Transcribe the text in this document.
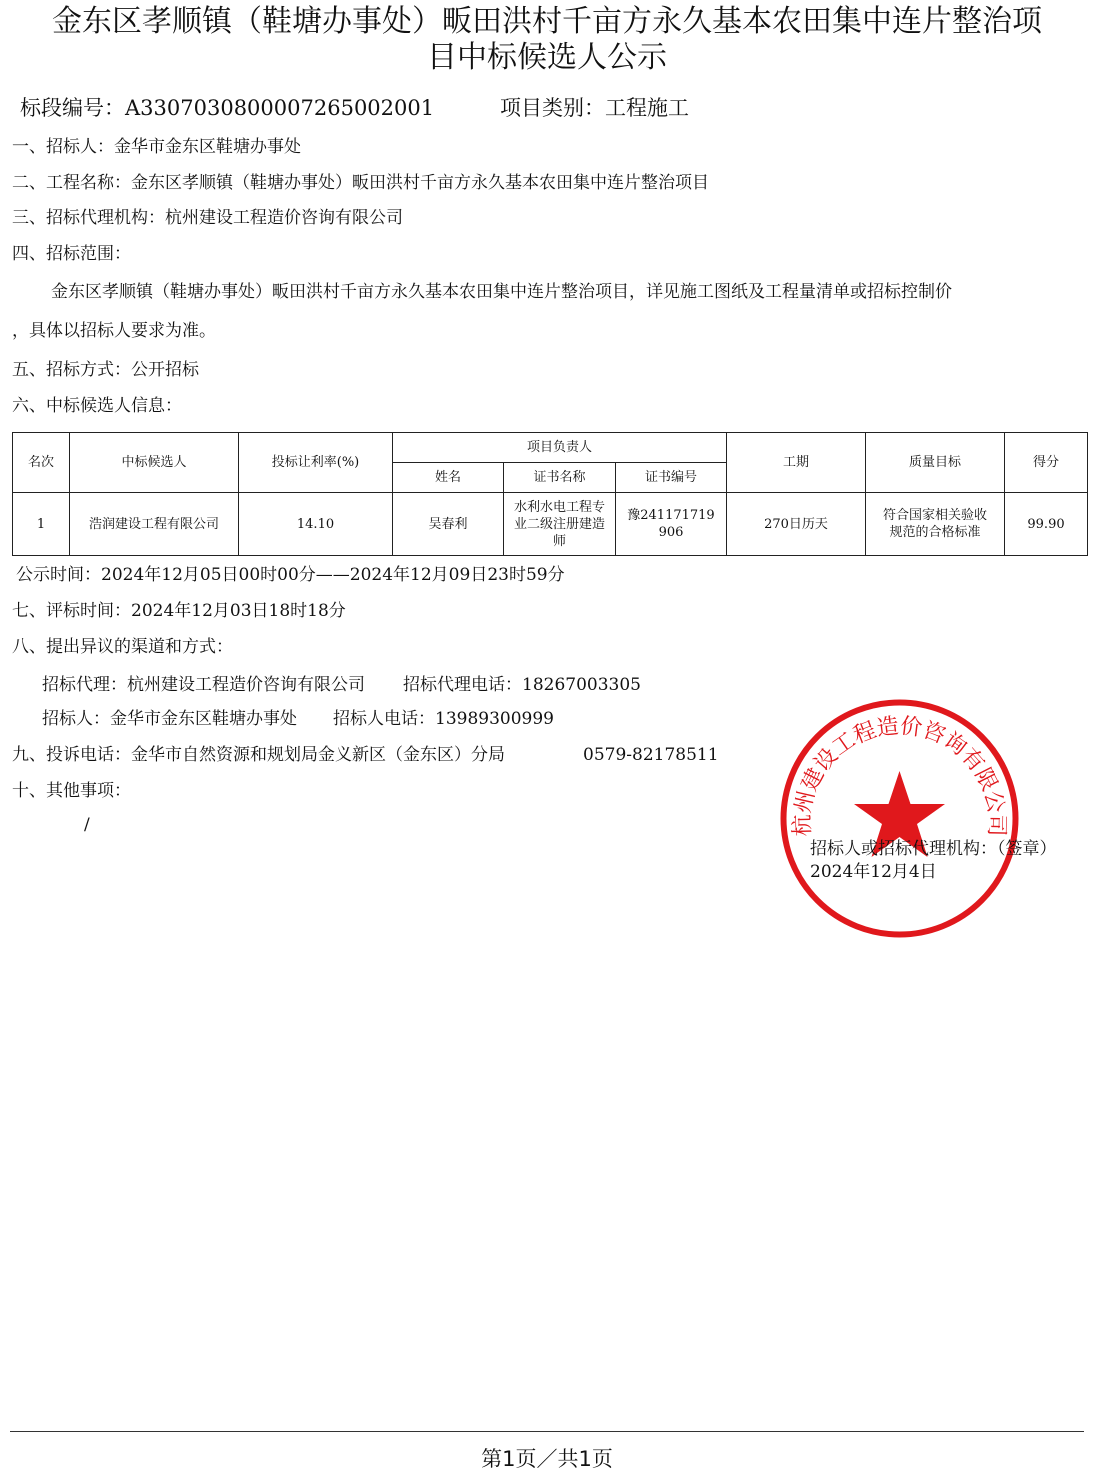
金东区孝顺镇（鞋塘办事处）畈田洪村千亩方永久基本农田集中连片整治项
目中标候选人公示
标段编号：A3307030800007265002001	项目类别：工程施工
一、招标人：金华市金东区鞋塘办事处
二、工程名称：金东区孝顺镇（鞋塘办事处）畈田洪村千亩方永久基本农田集中连片整治项目
三、招标代理机构：杭州建设工程造价咨询有限公司
四、招标范围：
金东区孝顺镇（鞋塘办事处）畈田洪村千亩方永久基本农田集中连片整治项目，详见施工图纸及工程量清单或招标控制价
，具体以招标人要求为准。
五、招标方式：公开招标
六、中标候选人信息：
名次	中标候选人	投标让利率(%)	项目负责人			工期	质量目标	得分
			姓名	证书名称	证书编号			
1	浩润建设工程有限公司	14.10	吴春利	水利水电工程专业二级注册建造师	豫241171719906	270日历天	符合国家相关验收规范的合格标准	99.90
公示时间：2024年12月05日00时00分——2024年12月09日23时59分
七、评标时间：2024年12月03日18时18分
八、提出异议的渠道和方式：
招标代理：杭州建设工程造价咨询有限公司 招标代理电话：18267003305
招标人：金华市金东区鞋塘办事处 招标人电话：13989300999
九、投诉电话：金华市自然资源和规划局金义新区（金东区）分局	0579-82178511
十、其他事项：
/	杭州建设工程造价咨询有限公司
招标人或招标代理机构：（签章）
2024年12月4日
第1页／共1页
